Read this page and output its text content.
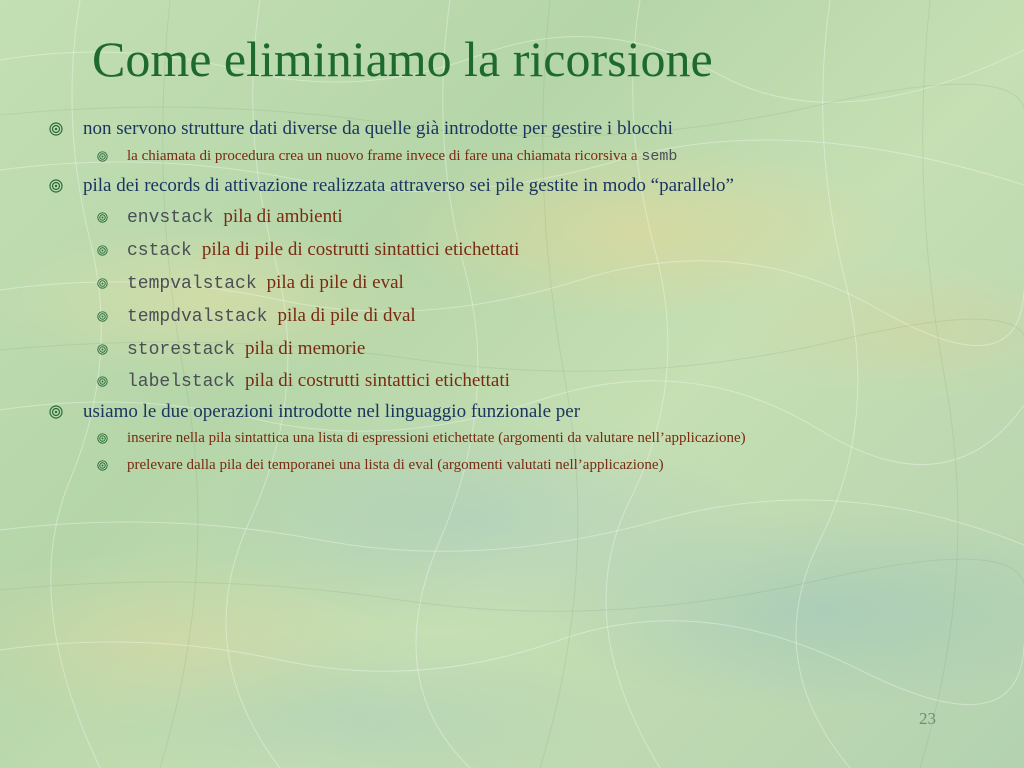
Come eliminiamo la ricorsione
non servono strutture dati diverse da quelle già introdotte per gestire i blocchi
la chiamata di procedura crea un nuovo frame invece di fare una chiamata ricorsiva a semb
pila dei records di attivazione realizzata attraverso sei pile gestite in modo “parallelo”
envstack pila di ambienti
cstack pila di pile di costrutti sintattici etichettati
tempvalstack pila di pile di eval
tempdvalstack pila di pile di dval
storestack pila di memorie
labelstack pila di costrutti sintattici etichettati
usiamo le due operazioni introdotte nel linguaggio funzionale per
inserire nella pila sintattica una lista di espressioni etichettate (argomenti da valutare nell’applicazione)
prelevare dalla pila dei temporanei una lista di eval (argomenti valutati nell’applicazione)
23
